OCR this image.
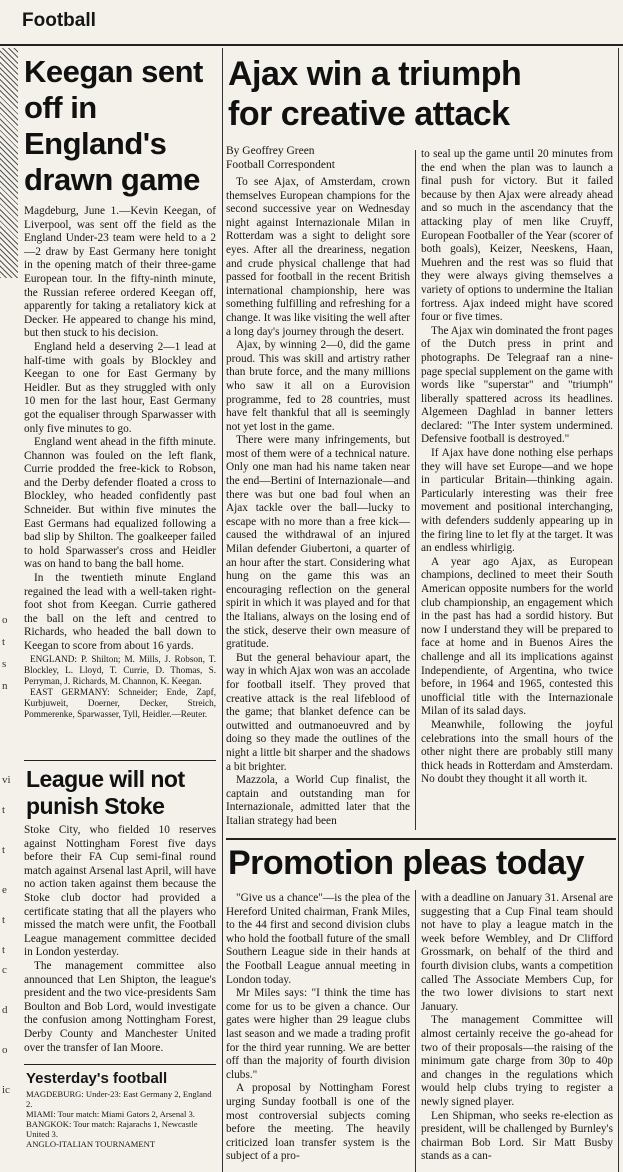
Football
o
t
s
n
vi
t
t
e
t
t
c
d
o
ic
Keegan sent
off in
England's
drawn game

Magdeburg, June 1.—Kevin Keegan, of Liverpool, was sent off the field as the England Under-23 team were held to a 2—2 draw by East Germany here tonight in the opening match of their three-game European tour. In the fifty-ninth minute, the Russian referee ordered Keegan off, apparently for taking a retaliatory kick at Decker. He appeared to change his mind, but then stuck to his decision.

England held a deserving 2—1 lead at half-time with goals by Blockley and Keegan to one for East Germany by Heidler. But as they struggled with only 10 men for the last hour, East Germany got the equaliser through Sparwasser with only five minutes to go.

England went ahead in the fifth minute. Channon was fouled on the left flank, Currie prodded the free-kick to Robson, and the Derby defender floated a cross to Blockley, who headed confidently past Schneider. But within five minutes the East Germans had equalized following a bad slip by Shilton. The goalkeeper failed to hold Sparwasser's cross and Heidler was on hand to bang the ball home.

In the twentieth minute England regained the lead with a well-taken right-foot shot from Keegan. Currie gathered the ball on the left and centred to Richards, who headed the ball down to Keegan to score from about 16 yards.

ENGLAND: P. Shilton; M. Mills, J. Robson, T. Blockley, L. Lloyd, T. Currie, D. Thomas, S. Perryman, J. Richards, M. Channon, K. Keegan.

EAST GERMANY: Schneider; Ende, Zapf, Kurbjuweit, Doerner, Decker, Streich, Pommerenke, Sparwasser, Tyll, Heidler.—Reuter.

League will not
punish Stoke

Stoke City, who fielded 10 reserves against Nottingham Forest five days before their FA Cup semi-final round match against Arsenal last April, will have no action taken against them because the Stoke club doctor had provided a certificate stating that all the players who missed the match were unfit, the Football League management committee decided in London yesterday.

The management committee also announced that Len Shipton, the league's president and the two vice-presidents Sam Boulton and Bob Lord, would investigate the confusion among Nottingham Forest, Derby County and Manchester United over the transfer of Ian Moore.

Yesterday's football

MAGDEBURG: Under-23: East Germany 2, England 2.

MIAMI: Tour match: Miami Gators 2, Arsenal 3.

BANGKOK: Tour match: Rajarachs 1, Newcastle United 3.

ANGLO-ITALIAN TOURNAMENT

Ajax win a triumph
for creative attack
By Geoffrey Green
Football Correspondent

To see Ajax, of Amsterdam, crown themselves European champions for the second successive year on Wednesday night against Internazionale Milan in Rotterdam was a sight to delight sore eyes. After all the dreariness, negation and crude physical challenge that had passed for football in the recent British international championship, here was something fulfilling and refreshing for a change. It was like visiting the well after a long day's journey through the desert.

Ajax, by winning 2—0, did the game proud. This was skill and artistry rather than brute force, and the many millions who saw it all on a Eurovision programme, fed to 28 countries, must have felt thankful that all is seemingly not yet lost in the game.

There were many infringements, but most of them were of a technical nature. Only one man had his name taken near the end—Bertini of Internazionale—and there was but one bad foul when an Ajax tackle over the ball—lucky to escape with no more than a free kick—caused the withdrawal of an injured Milan defender Giubertoni, a quarter of an hour after the start. Considering what hung on the game this was an encouraging reflection on the general spirit in which it was played and for that the Italians, always on the losing end of the stick, deserve their own measure of gratitude.

But the general behaviour apart, the way in which Ajax won was an accolade for football itself. They proved that creative attack is the real lifeblood of the game; that blanket defence can be outwitted and outmanoeuvred and by doing so they made the outlines of the night a little bit sharper and the shadows a bit brighter.

Mazzola, a World Cup finalist, the captain and outstanding man for Internazionale, admitted later that the Italian strategy had been

to seal up the game until 20 minutes from the end when the plan was to launch a final push for victory. But it failed because by then Ajax were already ahead and so much in the ascendancy that the attacking play of men like Cruyff, European Footballer of the Year (scorer of both goals), Keizer, Neeskens, Haan, Muehren and the rest was so fluid that they were always giving themselves a variety of options to undermine the Italian fortress. Ajax indeed might have scored four or five times.

The Ajax win dominated the front pages of the Dutch press in print and photographs. De Telegraaf ran a nine-page special supplement on the game with words like "superstar" and "triumph" liberally spattered across its headlines. Algemeen Daghlad in banner letters declared: "The Inter system undermined. Defensive football is destroyed."

If Ajax have done nothing else perhaps they will have set Europe—and we hope in particular Britain—thinking again. Particularly interesting was their free movement and positional interchanging, with defenders suddenly appearing up in the firing line to let fly at the target. It was an endless whirligig.

A year ago Ajax, as European champions, declined to meet their South American opposite numbers for the world club championship, an engagement which in the past has had a sordid history. But now I understand they will be prepared to face at home and in Buenos Aires the challenge and all its implications against Independiente, of Argentina, who twice before, in 1964 and 1965, contested this unofficial title with the Internazionale Milan of its salad days.

Meanwhile, following the joyful celebrations into the small hours of the other night there are probably still many thick heads in Rotterdam and Amsterdam. No doubt they thought it all worth it.

Promotion pleas today

"Give us a chance"—is the plea of the Hereford United chairman, Frank Miles, to the 44 first and second division clubs who hold the football future of the small Southern League side in their hands at the Football League annual meeting in London today.

Mr Miles says: "I think the time has come for us to be given a chance. Our gates were higher than 29 league clubs last season and we made a trading profit for the third year running. We are better off than the majority of fourth division clubs."

A proposal by Nottingham Forest urging Sunday football is one of the most controversial subjects coming before the meeting. The heavily criticized loan transfer system is the subject of a pro-

with a deadline on January 31. Arsenal are suggesting that a Cup Final team should not have to play a league match in the week before Wembley, and Dr Clifford Grossmark, on behalf of the third and fourth division clubs, wants a competition called The Associate Members Cup, for the two lower divisions to start next January.

The management Committee will almost certainly receive the go-ahead for two of their proposals—the raising of the minimum gate charge from 30p to 40p and changes in the regulations which would help clubs trying to register a newly signed player.

Len Shipman, who seeks re-election as president, will be challenged by Burnley's chairman Bob Lord. Sir Matt Busby stands as a can-
